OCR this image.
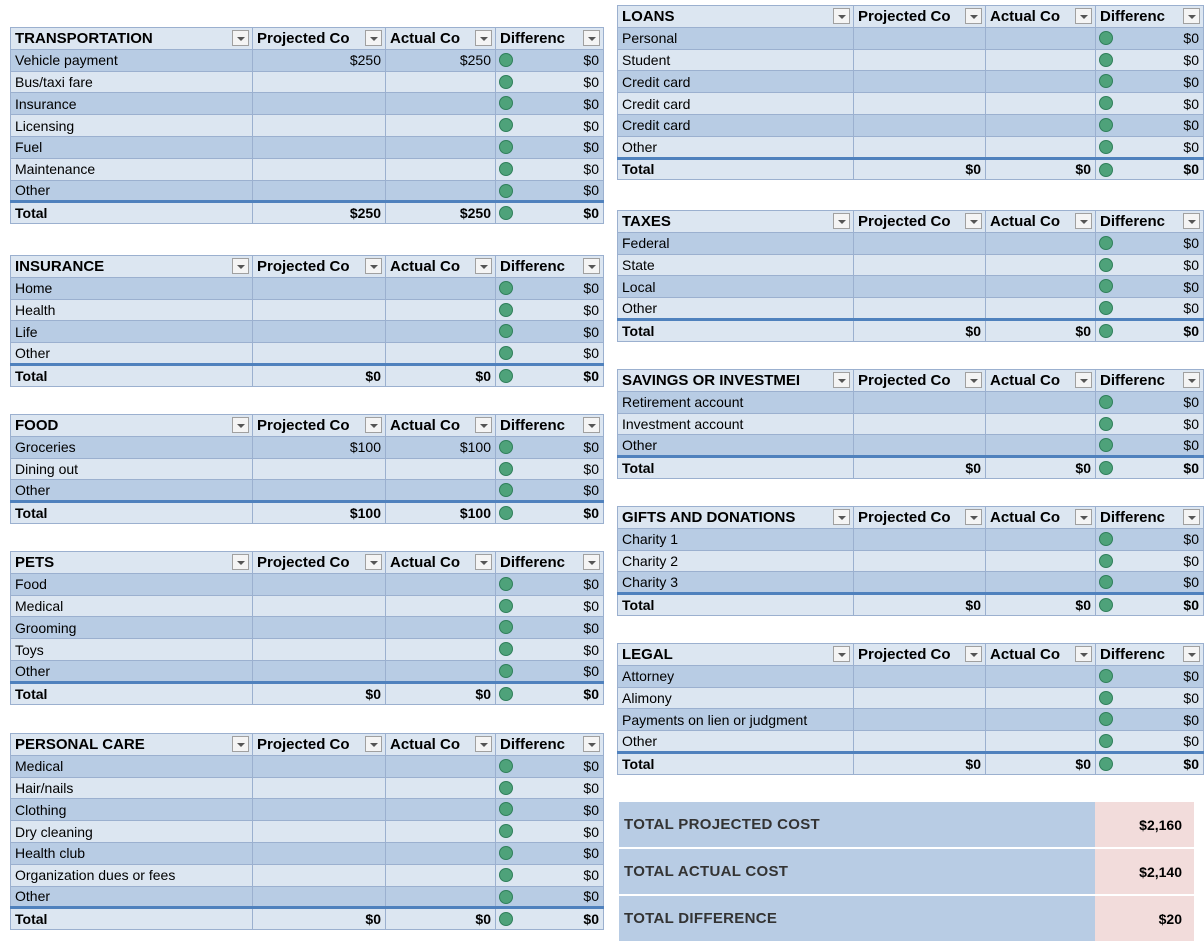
TRANSPORTATION	Projected Co	Actual Co	Differenc

Vehicle payment	$250	$250	$0
Bus/taxi fare			$0
Insurance			$0
Licensing			$0
Fuel			$0
Maintenance			$0
Other			$0
Total	$250	$250	$0
INSURANCE	Projected Co	Actual Co	Differenc

Home			$0
Health			$0
Life			$0
Other			$0
Total	$0	$0	$0
FOOD	Projected Co	Actual Co	Differenc

Groceries	$100	$100	$0
Dining out			$0
Other			$0
Total	$100	$100	$0
PETS	Projected Co	Actual Co	Differenc

Food			$0
Medical			$0
Grooming			$0
Toys			$0
Other			$0
Total	$0	$0	$0
PERSONAL CARE	Projected Co	Actual Co	Differenc

Medical			$0
Hair/nails			$0
Clothing			$0
Dry cleaning			$0
Health club			$0
Organization dues or fees			$0
Other			$0
Total	$0	$0	$0
LOANS	Projected Co	Actual Co	Differenc

Personal			$0
Student			$0
Credit card			$0
Credit card			$0
Credit card			$0
Other			$0
Total	$0	$0	$0
TAXES	Projected Co	Actual Co	Differenc

Federal			$0
State			$0
Local			$0
Other			$0
Total	$0	$0	$0
SAVINGS OR INVESTMEI	Projected Co	Actual Co	Differenc

Retirement account			$0
Investment account			$0
Other			$0
Total	$0	$0	$0
GIFTS AND DONATIONS	Projected Co	Actual Co	Differenc

Charity 1			$0
Charity 2			$0
Charity 3			$0
Total	$0	$0	$0
LEGAL	Projected Co	Actual Co	Differenc

Attorney			$0
Alimony			$0
Payments on lien or judgment			$0
Other			$0
Total	$0	$0	$0
TOTAL PROJECTED COST	$2,160
TOTAL ACTUAL COST	$2,140
TOTAL DIFFERENCE	$20
